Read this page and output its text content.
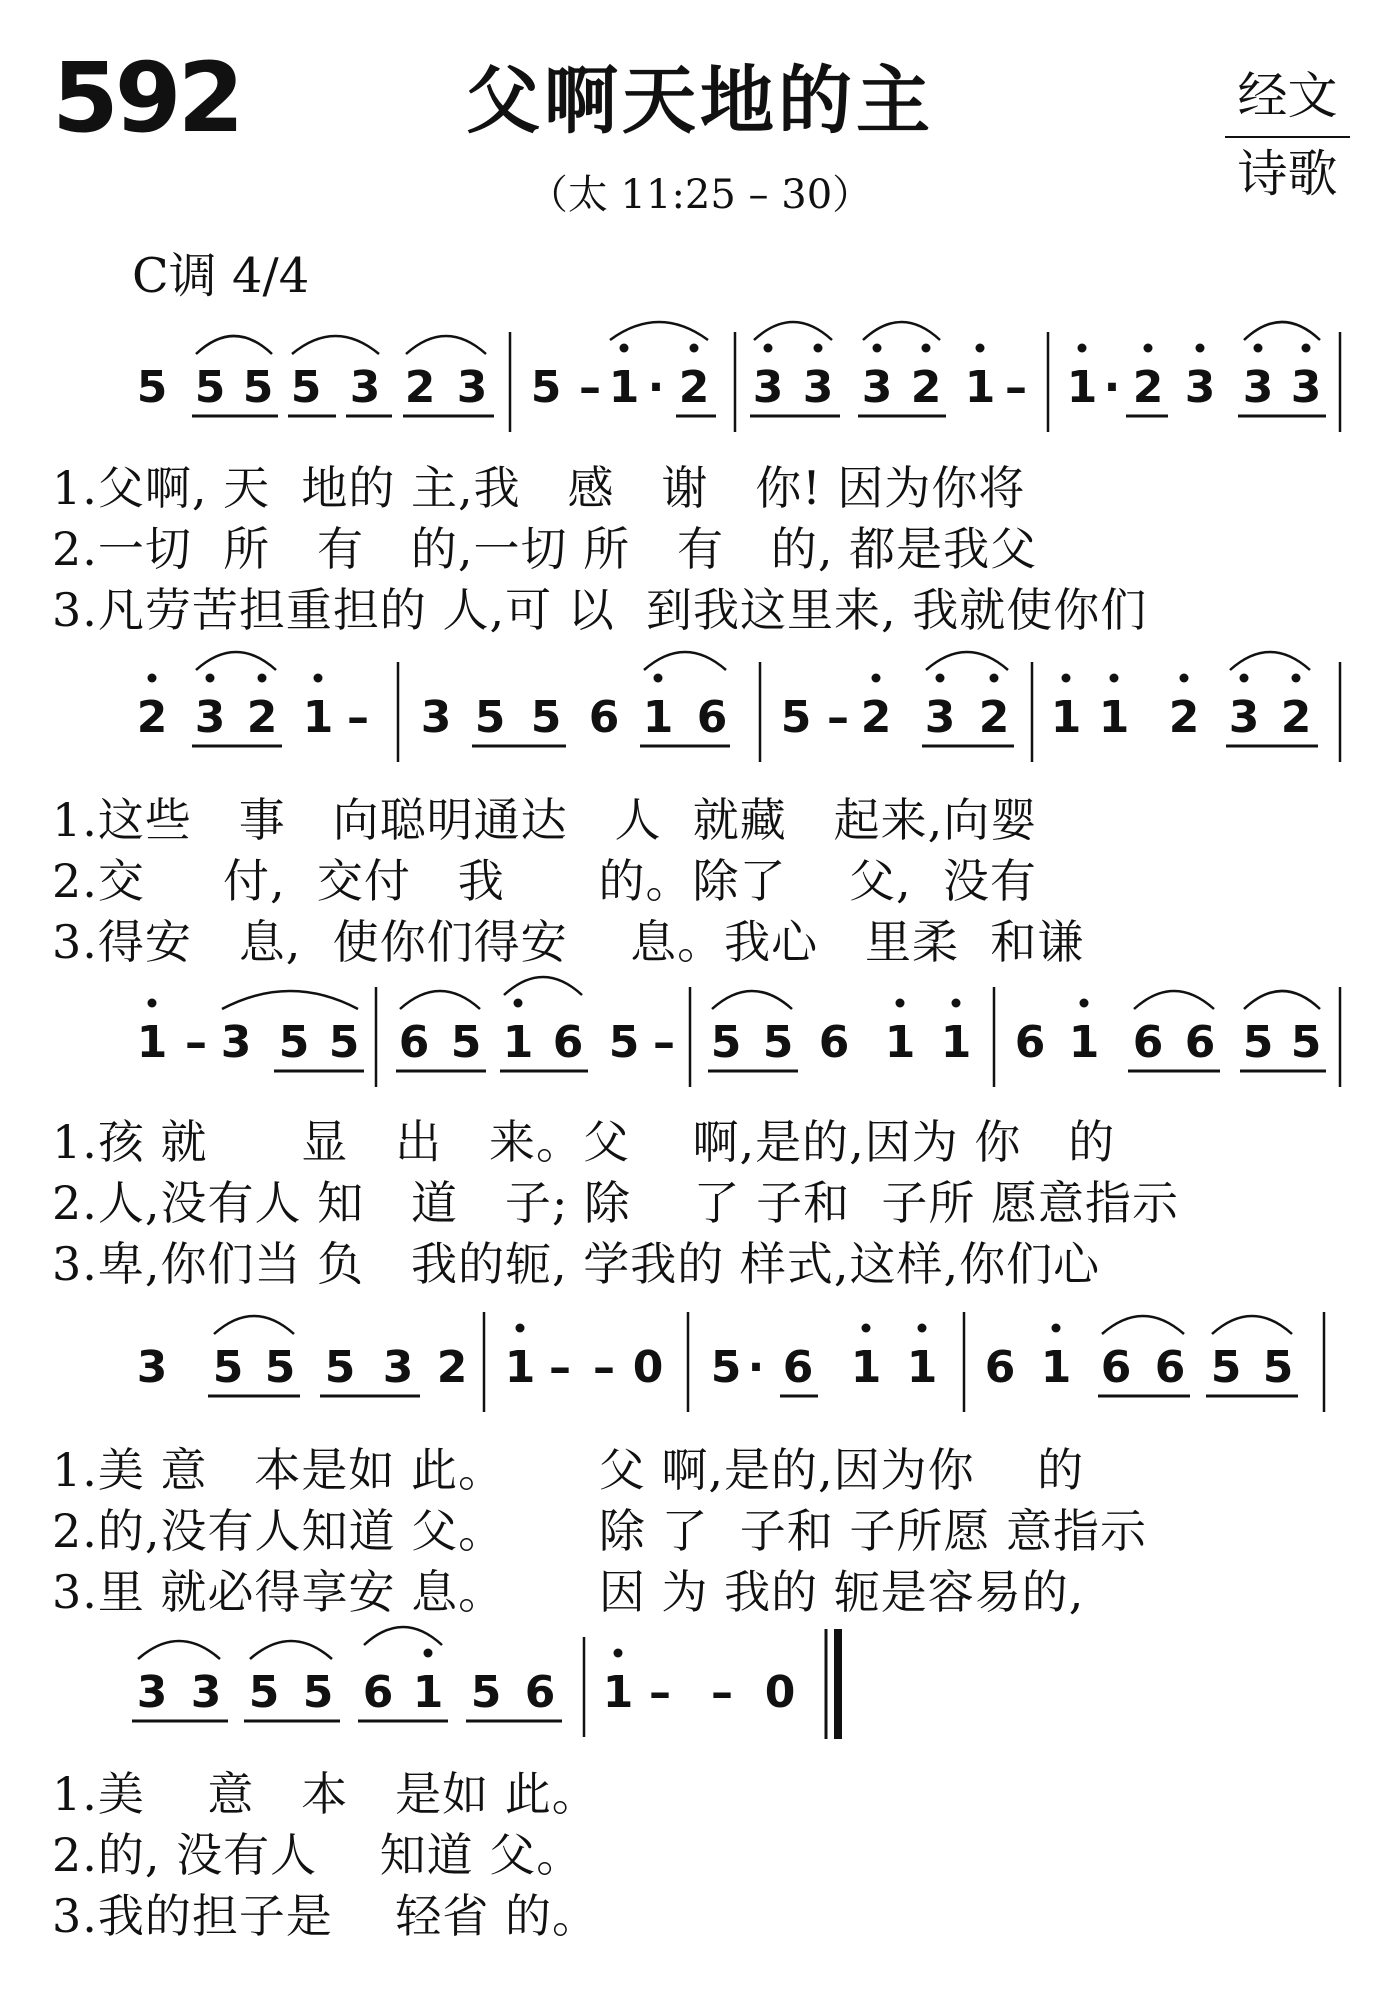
592	父啊天地的主
（太 11:25 – 30）
经文
诗歌
C调 4/4
5 5 5 5 3 2 3 5 – 1 · 2 3 3 3 2 1 – 1 · 2 3 3 3
1.父啊, 天  地的 主,我   感   谢   你! 因为你将
2.一切  所   有   的,一切 所   有   的, 都是我父
3.凡劳苦担重担的 人,可 以  到我这里来, 我就使你们
2 3 2 1 – 3 5 5 6 1 6 5 – 2 3 2 1 1 2 3 2
1.这些   事   向聪明通达   人  就藏   起来,向婴
2.交     付,  交付   我      的。除了    父,  没有
3.得安   息,  使你们得安    息。我心   里柔  和谦
1 – 3 5 5 6 5 1 6 5 – 5 5 6 1 1 6 1 6 6 5 5
1.孩 就      显   出   来。父    啊,是的,因为 你   的
2.人,没有人 知   道   子; 除    了 子和  子所 愿意指示
3.卑,你们当 负   我的轭, 学我的 样式,这样,你们心
3 5 5 5 3 2 1 – – 0 5 · 6 1 1 6 1 6 6 5 5
1.美 意   本是如 此。      父 啊,是的,因为你    的
2.的,没有人知道 父。      除 了  子和 子所愿 意指示
3.里 就必得享安 息。      因 为 我的 轭是容易的,
3 3 5 5 6 1 5 6 1 – – 0
1.美    意   本   是如 此。
2.的, 没有人    知道 父。
3.我的担子是    轻省 的。
